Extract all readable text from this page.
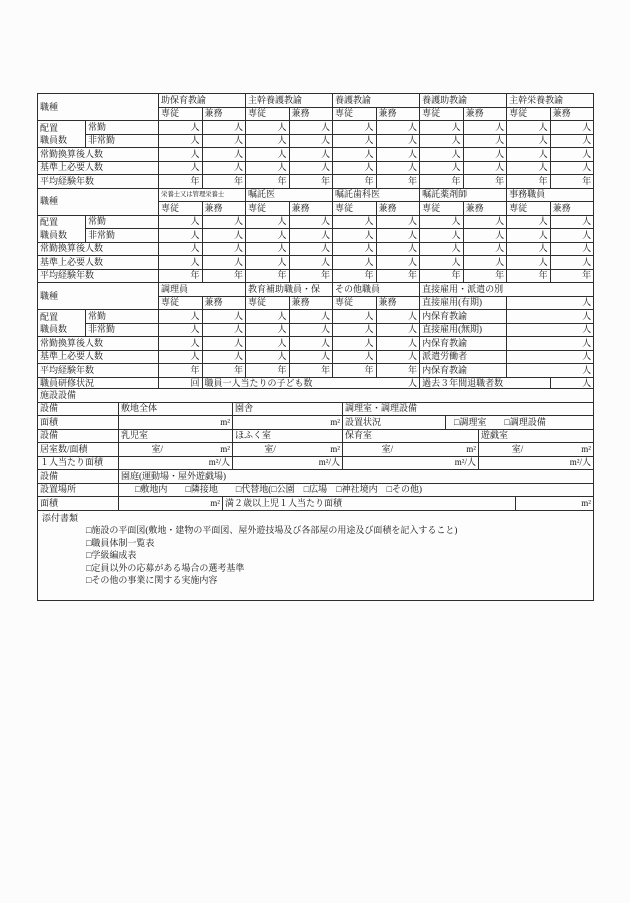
職種		助保育教諭		主幹養護教諭		養護教諭		養護助教諭		主幹栄養教諭	
		専従	兼務	専従	兼務	専従	兼務	専従	兼務	専従	兼務

配置
職員数	常勤	人	人	人	人	人	人	人	人	人	人
	非常勤	人	人	人	人	人	人	人	人	人	人
常勤換算後人数		人	人	人	人	人	人	人	人	人	人
基準上必要人数		人	人	人	人	人	人	人	人	人	人
平均経験年数		年	年	年	年	年	年	年	年	年	年
職種		栄養士又は管理栄養士		嘱託医		嘱託歯科医		嘱託薬剤師		事務職員	
		専従	兼務	専従	兼務	専従	兼務	専従	兼務	専従	兼務

配置
職員数	常勤	人	人	人	人	人	人	人	人	人	人
	非常勤	人	人	人	人	人	人	人	人	人	人
常勤換算後人数		人	人	人	人	人	人	人	人	人	人
基準上必要人数		人	人	人	人	人	人	人	人	人	人
平均経験年数		年	年	年	年	年	年	年	年	年	年
職種		調理員		教育補助職員・保		その他職員		直接雇用・派遣の別			
		専従	兼務	専従	兼務	専従	兼務	直接雇用(有期)		人	

配置
職員数	常勤	人	人	人	人	人	人	内保育教諭		人	
	非常勤	人	人	人	人	人	人	直接雇用(無期)		人	
常勤換算後人数		人	人	人	人	人	人	内保育教諭		人	
基準上必要人数		人	人	人	人	人	人	派遣労働者		人	
平均経験年数		年	年	年	年	年	年	内保育教諭		人	
職員研修状況		回	職員一人当たりの子ども数 人					過去３年間退職者数			人
施設設備
設備	敷地全体	園舎	調理室・調理設備	
面積	m²	m²	設置状況	□調理室　　□調理設備
設備	乳児室	ほふく室	保育室	遊戯室
居室数/面積	室/ m²	室/ m²	室/ m²	室/ m²

１人当たり面積	m²/人	m²/人	m²/人	m²/人
設備	園庭(運動場・屋外遊戯場)
設置場所	□敷地内　　□隣接地　　□代替地(□公園　□広場　□神社境内　□その他)
面積	m²	満２歳以上児１人当たり面積	m²
添付書類
□施設の平面図(敷地・建物の平面図、屋外遊技場及び各部屋の用途及び面積を記入すること)
□職員体制一覧表
□学級編成表
□定員以外の応募がある場合の選考基準
□その他の事業に関する実施内容
